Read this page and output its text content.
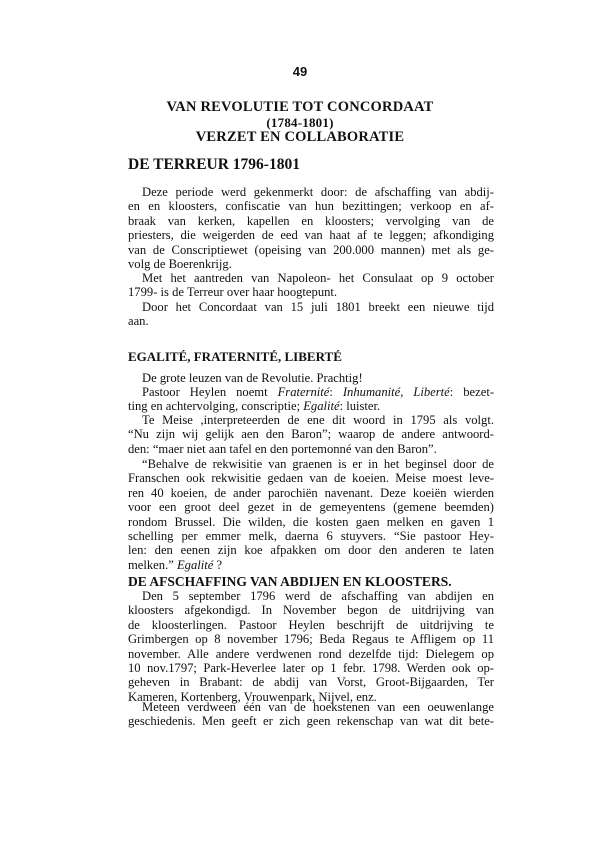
49
VAN REVOLUTIE TOT CONCORDAAT
(1784-1801)
VERZET EN COLLABORATIE
DE TERREUR 1796-1801

Deze periode werd gekenmerkt door: de afschaffing van abdij-
en en kloosters, confiscatie van hun bezittingen; verkoop en af-
braak van kerken, kapellen en kloosters; vervolging van de
priesters, die weigerden de eed van haat af te leggen; afkondiging
van de Conscriptiewet (opeising van 200.000 mannen) met als ge-
volg de Boerenkrijg.

Met het aantreden van Napoleon- het Consulaat op 9 october
1799- is de Terreur over haar hoogtepunt.

Door het Concordaat van 15 juli 1801 breekt een nieuwe tijd
aan.

EGALITÉ, FRATERNITÉ, LIBERTÉ

De grote leuzen van de Revolutie. Prachtig!

Pastoor Heylen noemt Fraternité: Inhumanité, Liberté: bezet-
ting en achtervolging, conscriptie; Egalité: luister.

Te Meise ,interpreteerden de ene dit woord in 1795 als volgt.
“Nu zijn wij gelijk aen den Baron”; waarop de andere antwoord-
den: “maer niet aan tafel en den portemonné van den Baron”.

“Behalve de rekwisitie van graenen is er in het beginsel door de
Franschen ook rekwisitie gedaen van de koeien. Meise moest leve-
ren 40 koeien, de ander parochiën navenant. Deze koeiën wierden
voor een groot deel gezet in de gemeyentens (gemene beemden)
rondom Brussel. Die wilden, die kosten gaen melken en gaven 1
schelling per emmer melk, daerna 6 stuyvers. “Sie pastoor Hey-
len: den eenen zijn koe afpakken om door den anderen te laten
melken.” Egalité ?

DE AFSCHAFFING VAN ABDIJEN EN KLOOSTERS.

Den 5 september 1796 werd de afschaffing van abdijen en
kloosters afgekondigd. In November begon de uitdrijving van
de kloosterlingen. Pastoor Heylen beschrijft de uitdrijving te
Grimbergen op 8 november 1796; Beda Regaus te Affligem op 11
november. Alle andere verdwenen rond dezelfde tijd: Dielegem op
10 nov.1797; Park-Heverlee later op 1 febr. 1798. Werden ook op-
geheven in Brabant: de abdij van Vorst, Groot-Bijgaarden, Ter
Kameren, Kortenberg, Vrouwenpark, Nijvel, enz.

Meteen verdween één van de hoekstenen van een oeuwenlange
geschiedenis. Men geeft er zich geen rekenschap van wat dit bete-
